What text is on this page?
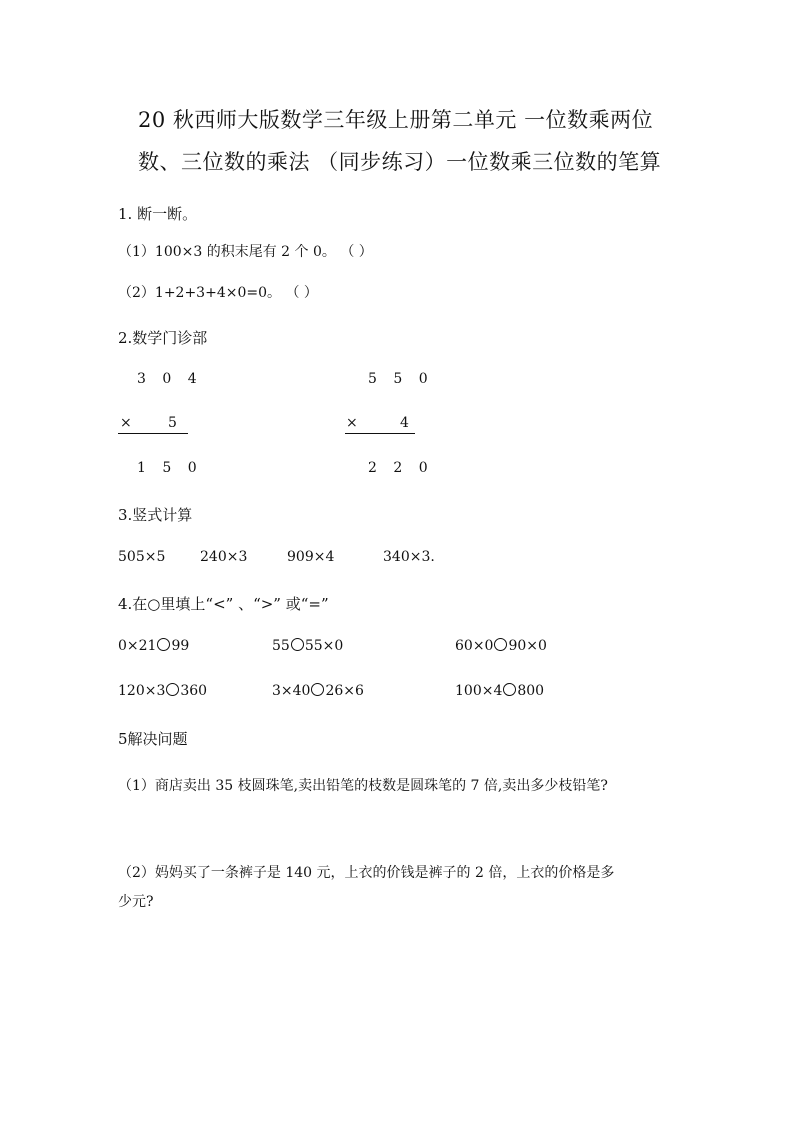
20 秋西师大版数学三年级上册第二单元 一位数乘两位
数、三位数的乘法 （同步练习）一位数乘三位数的笔算
1. 断一断。
（1）100×3 的积末尾有 2 个 0。 （ ）
（2）1+2+3+4×0=0。 （ ）
2.数学门诊部
3 0 4
×	5
1 5 0
5 5 0
×	4
2 2 0
3.竖式计算
505×5 240×3	909×4	340×3.
4.在○里填上“<” 、“>” 或“=”
0×21 99	55 55×0	60×0 90×0
120×3 360	3×40 26×6	100×4 800
5解决问题
（1）商店卖出 35 枝圆珠笔,卖出铅笔的枝数是圆珠笔的 7 倍,卖出多少枝铅笔?
（2）妈妈买了一条裤子是 140 元，上衣的价钱是裤子的 2 倍，上衣的价格是多
少元?
